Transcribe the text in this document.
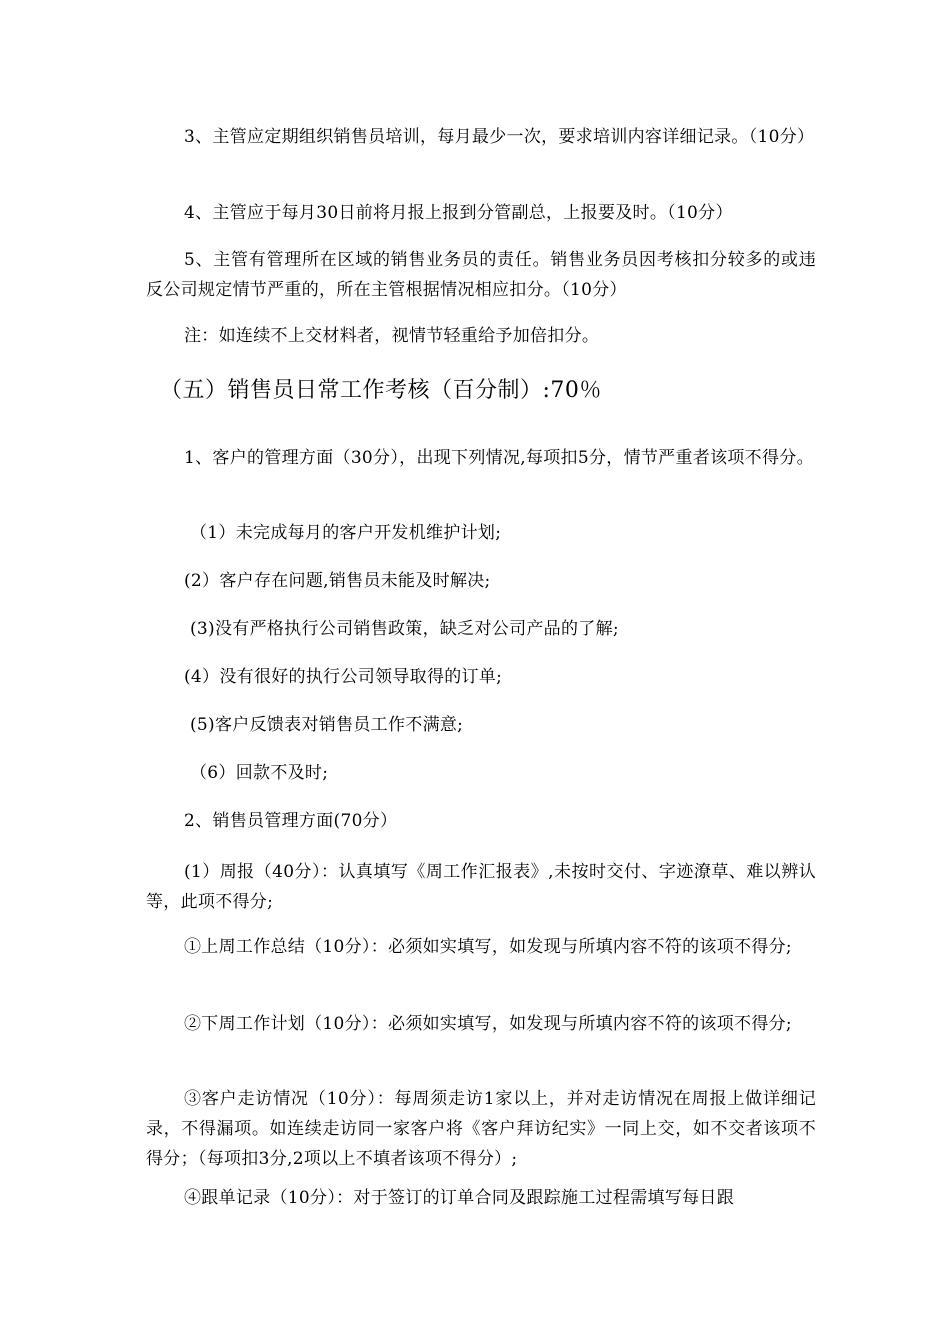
3、主管应定期组织销售员培训，每月最少一次，要求培训内容详细记录。（10分）
4、主管应于每月30日前将月报上报到分管副总，上报要及时。（10分）
5、主管有管理所在区域的销售业务员的责任。销售业务员因考核扣分较多的或违反公司规定情节严重的，所在主管根据情况相应扣分。（10分）
注：如连续不上交材料者，视情节轻重给予加倍扣分。
（五）销售员日常工作考核（百分制）:70％
1、客户的管理方面（30分），出现下列情况,每项扣5分，情节严重者该项不得分。
（1）未完成每月的客户开发机维护计划;
(2）客户存在问题,销售员未能及时解决;
(3)没有严格执行公司销售政策，缺乏对公司产品的了解;
(4）没有很好的执行公司领导取得的订单;
(5)客户反馈表对销售员工作不满意;
（6）回款不及时;
2、销售员管理方面(70分）
(1）周报（40分）：认真填写《周工作汇报表》,未按时交付、字迹潦草、难以辨认等，此项不得分;
①上周工作总结（10分）：必须如实填写，如发现与所填内容不符的该项不得分;
②下周工作计划（10分）：必须如实填写，如发现与所填内容不符的该项不得分;
③客户走访情况（10分）：每周须走访1家以上，并对走访情况在周报上做详细记录，不得漏项。如连续走访同一家客户将《客户拜访纪实》一同上交，如不交者该项不得分；（每项扣3分,2项以上不填者该项不得分）;
④跟单记录（10分）：对于签订的订单合同及跟踪施工过程需填写每日跟
